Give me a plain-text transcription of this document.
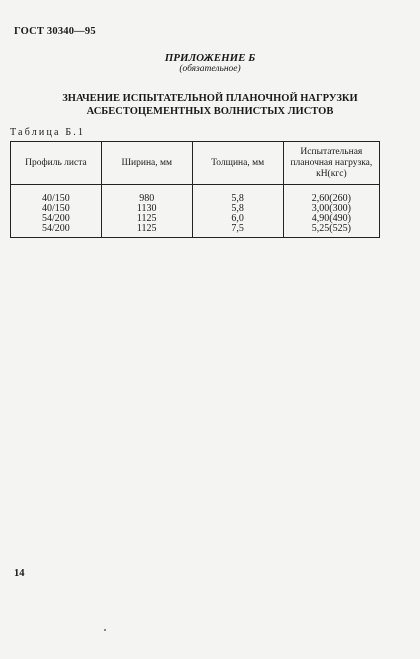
ГОСТ 30340—95
ПРИЛОЖЕНИЕ Б
(обязательное)
ЗНАЧЕНИЕ ИСПЫТАТЕЛЬНОЙ ПЛАНОЧНОЙ НАГРУЗКИ
АСБЕСТОЦЕМЕНТНЫХ ВОЛНИСТЫХ ЛИСТОВ
Таблица Б.1
Профиль листа	Ширина, мм	Толщина, мм	Испытательная планочная нагрузка, кН(кгс)
40/150	980	5,8	2,60(260)
40/150	1130	5,8	3,00(300)
54/200	1125	6,0	4,90(490)
54/200	1125	7,5	5,25(525)
14
